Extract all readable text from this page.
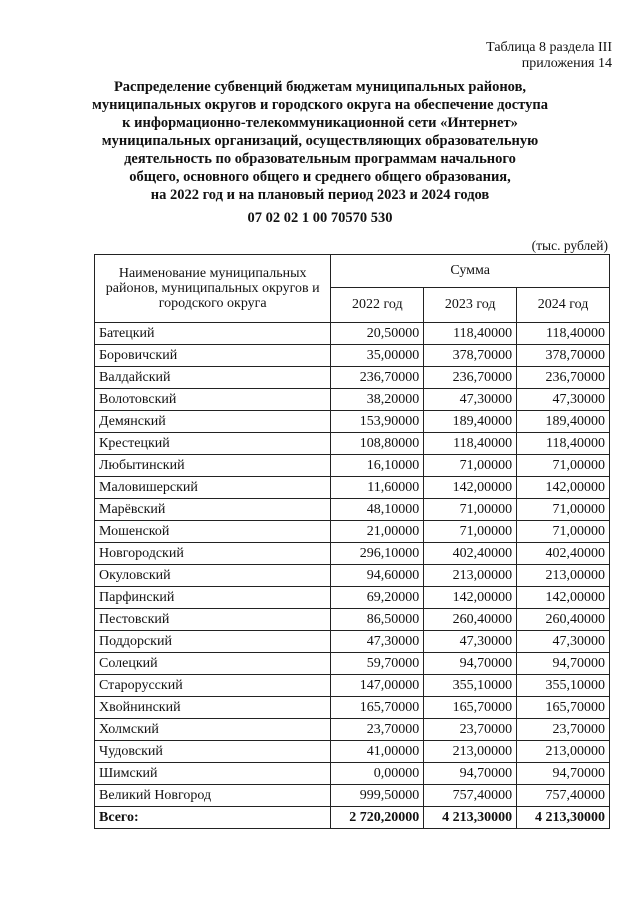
Таблица 8 раздела III
приложения 14
Распределение субвенций бюджетам муниципальных районов,
муниципальных округов и городского округа на обеспечение доступа
к информационно-телекоммуникационной сети «Интернет»
муниципальных организаций, осуществляющих образовательную
деятельность по образовательным программам начального
общего, основного общего и среднего общего образования,
на 2022 год и на плановый период 2023 и 2024 годов
07 02 02 1 00 70570 530
(тыс. рублей)
Наименование муниципальных районов, муниципальных округов и городского округа	Сумма		
	2022 год	2023 год	2024 год
Батецкий	20,50000	118,40000	118,40000
Боровичский	35,00000	378,70000	378,70000
Валдайский	236,70000	236,70000	236,70000
Волотовский	38,20000	47,30000	47,30000
Демянский	153,90000	189,40000	189,40000
Крестецкий	108,80000	118,40000	118,40000
Любытинский	16,10000	71,00000	71,00000
Маловишерский	11,60000	142,00000	142,00000
Марёвский	48,10000	71,00000	71,00000
Мошенской	21,00000	71,00000	71,00000
Новгородский	296,10000	402,40000	402,40000
Окуловский	94,60000	213,00000	213,00000
Парфинский	69,20000	142,00000	142,00000
Пестовский	86,50000	260,40000	260,40000
Поддорский	47,30000	47,30000	47,30000
Солецкий	59,70000	94,70000	94,70000
Старорусский	147,00000	355,10000	355,10000
Хвойнинский	165,70000	165,70000	165,70000
Холмский	23,70000	23,70000	23,70000
Чудовский	41,00000	213,00000	213,00000
Шимский	0,00000	94,70000	94,70000
Великий Новгород	999,50000	757,40000	757,40000
Всего:	2 720,20000	4 213,30000	4 213,30000
